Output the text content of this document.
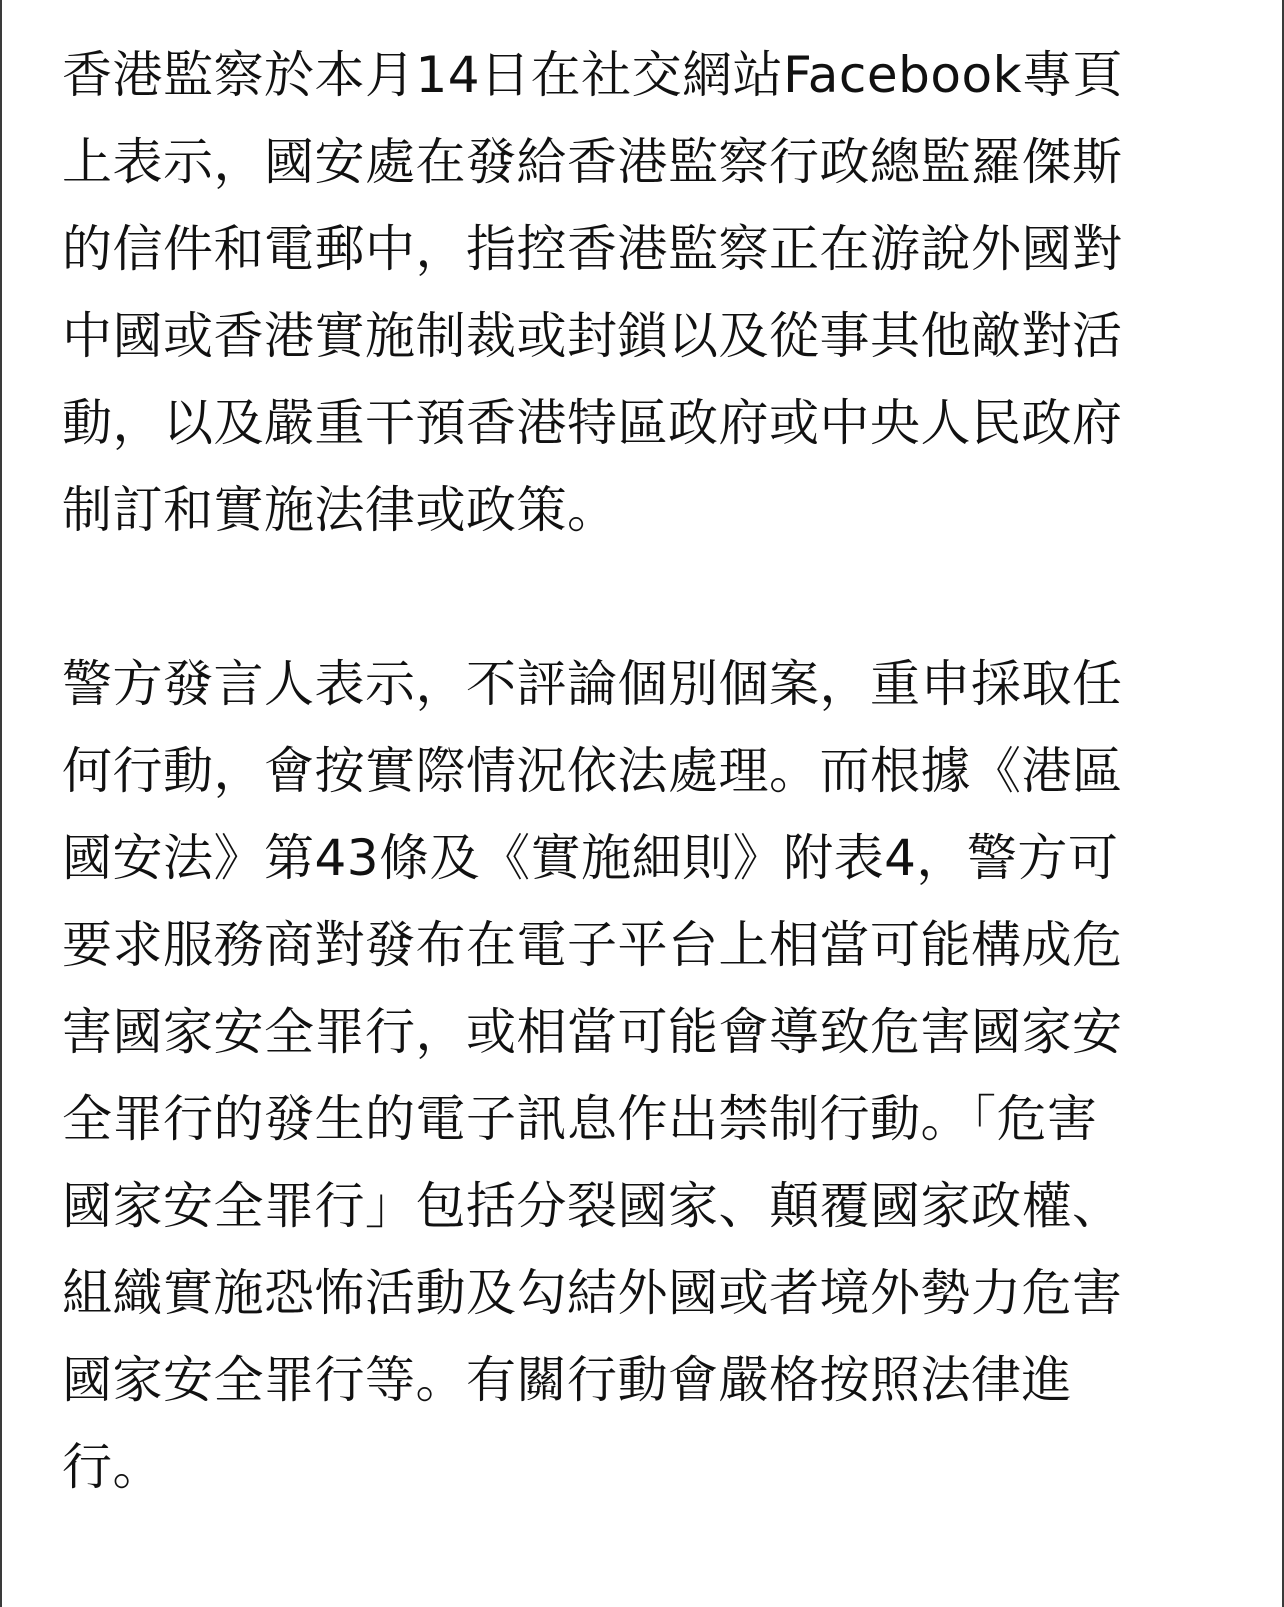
香港監察於本月14日在社交網站Facebook專頁
上表示，國安處在發給香港監察行政總監羅傑斯
的信件和電郵中，指控香港監察正在游說外國對
中國或香港實施制裁或封鎖以及從事其他敵對活
動，以及嚴重干預香港特區政府或中央人民政府
制訂和實施法律或政策。
警方發言人表示，不評論個別個案，重申採取任
何行動，會按實際情況依法處理。而根據《港區
國安法》第43條及《實施細則》附表4，警方可
要求服務商對發布在電子平台上相當可能構成危
害國家安全罪行，或相當可能會導致危害國家安
全罪行的發生的電子訊息作出禁制行動。「危害
國家安全罪行」包括分裂國家、顛覆國家政權、
組織實施恐怖活動及勾結外國或者境外勢力危害
國家安全罪行等。有關行動會嚴格按照法律進
行。
